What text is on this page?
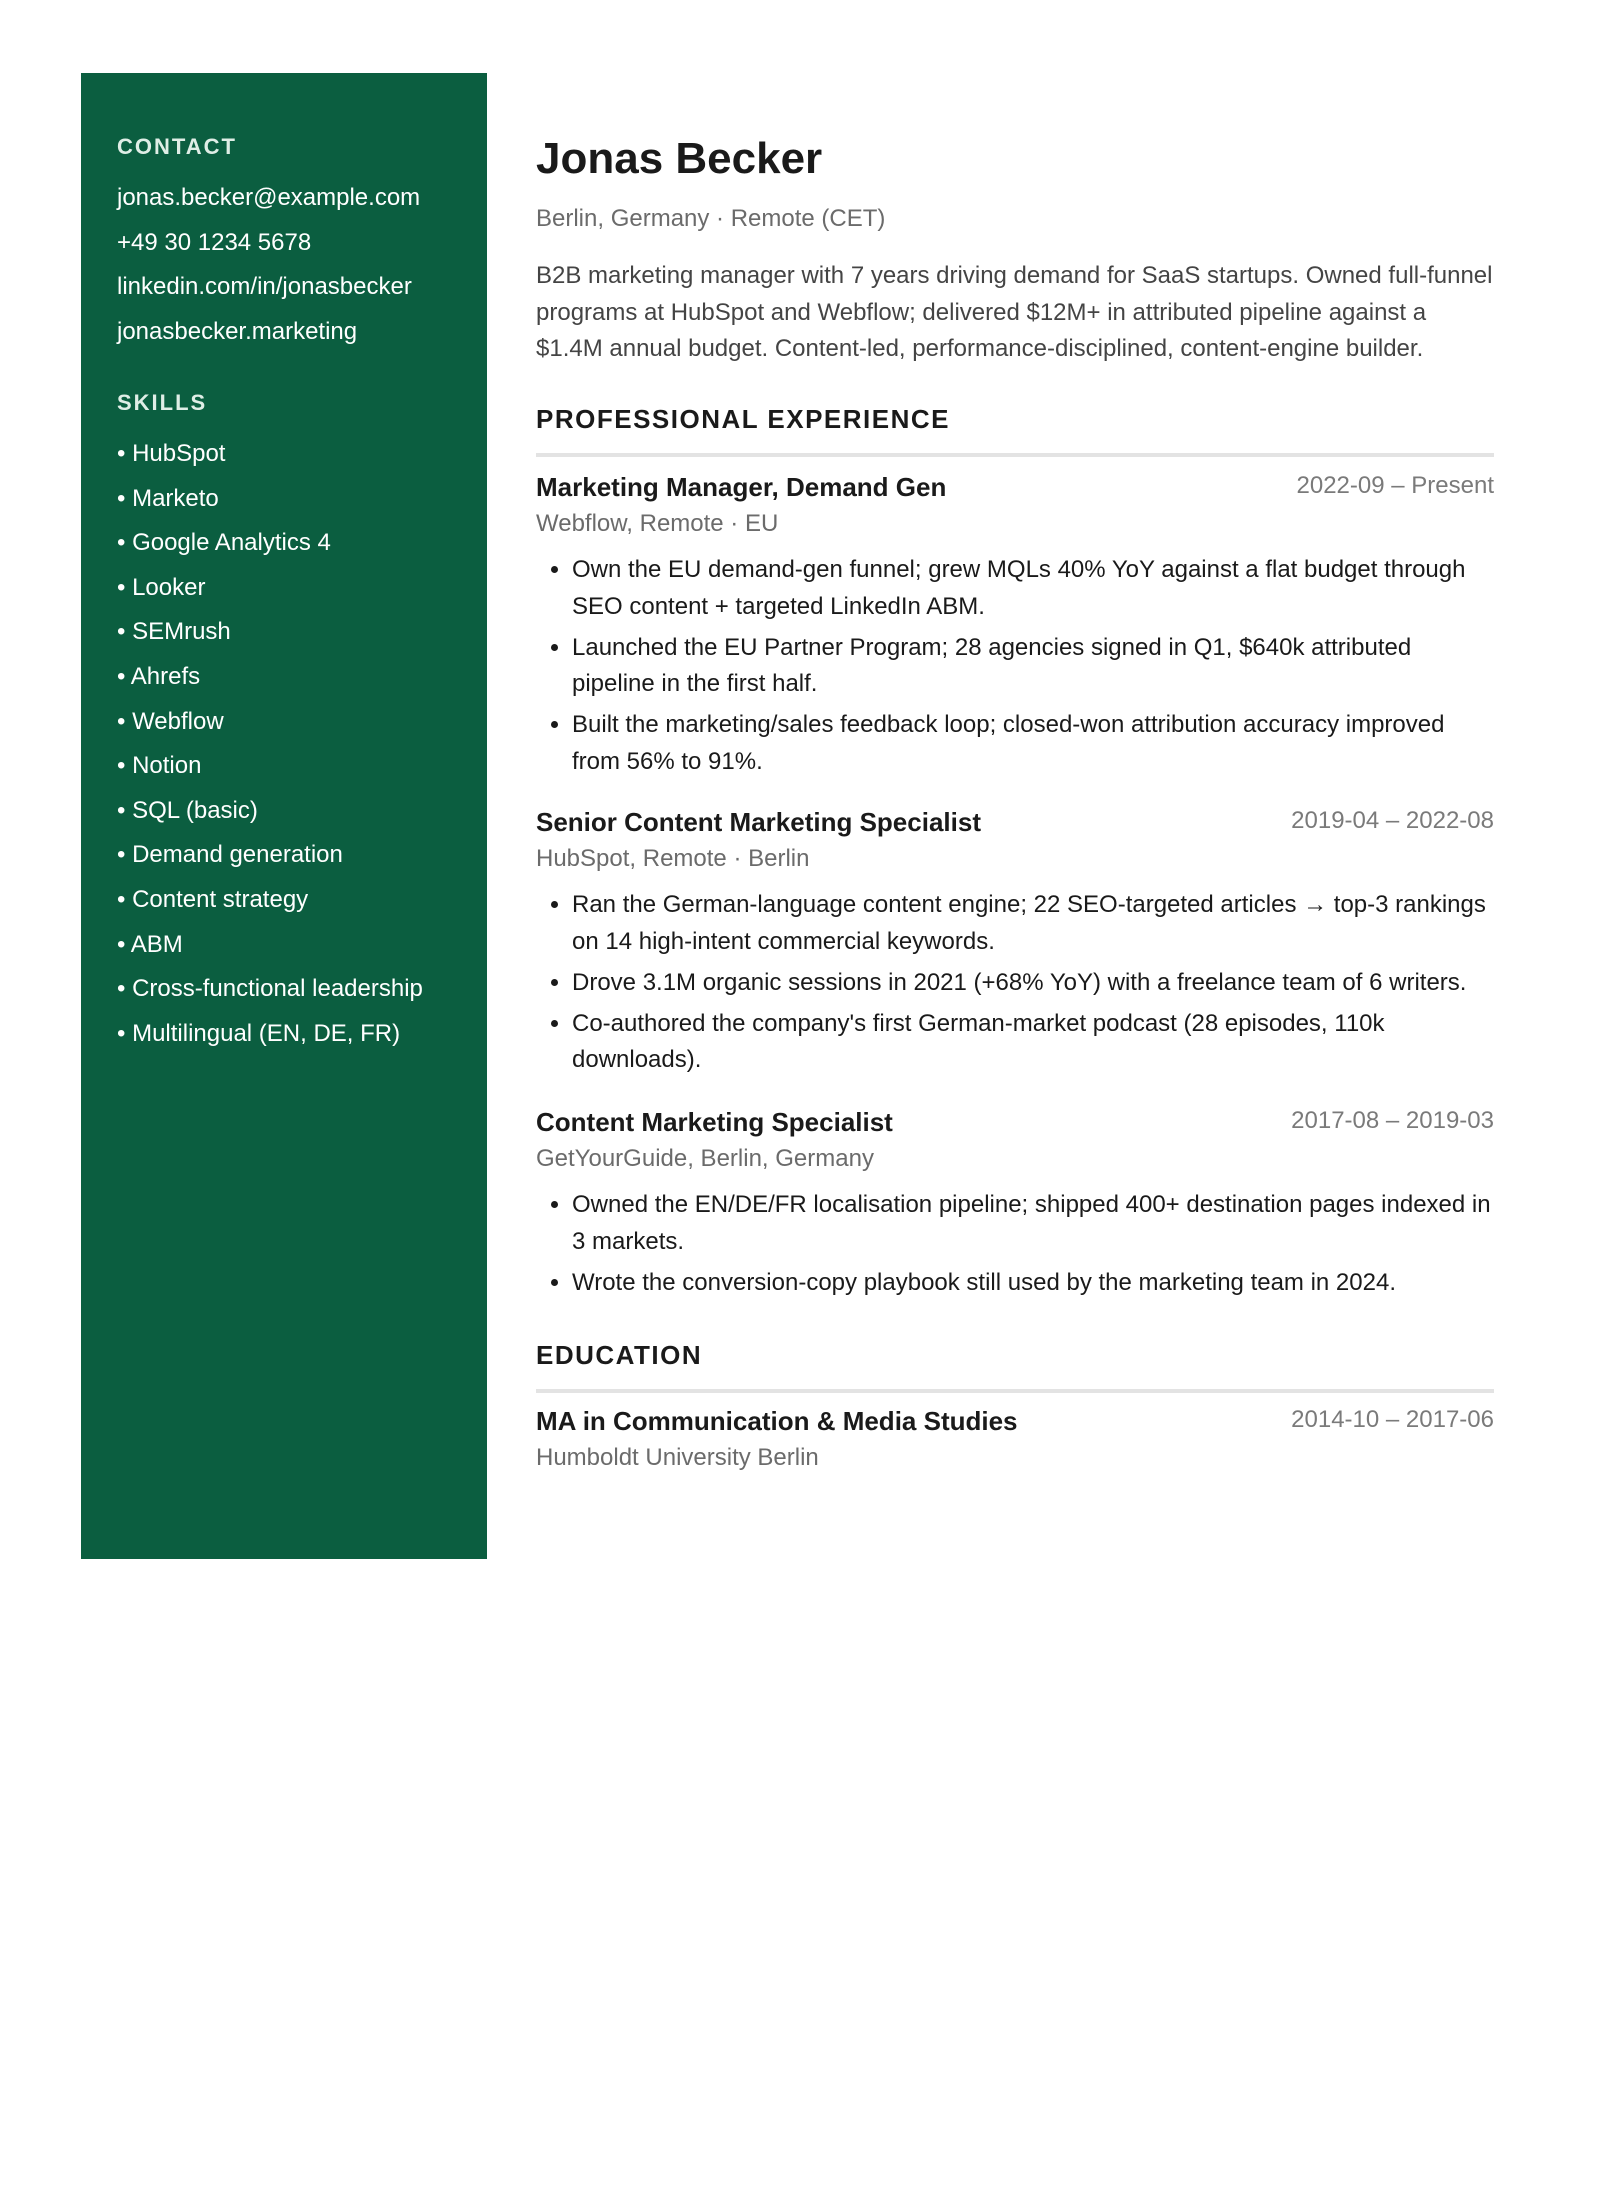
CONTACT
jonas.becker@example.com
+49 30 1234 5678
linkedin.com/in/jonasbecker
jonasbecker.marketing
SKILLS
• HubSpot
• Marketo
• Google Analytics 4
• Looker
• SEMrush
• Ahrefs
• Webflow
• Notion
• SQL (basic)
• Demand generation
• Content strategy
• ABM
• Cross-functional leadership
• Multilingual (EN, DE, FR)
Jonas Becker
Berlin, Germany · Remote (CET)

B2B marketing manager with 7 years driving demand for SaaS startups. Owned full-funnel programs at HubSpot and Webflow; delivered $12M+ in attributed pipeline against a $1.4M annual budget. Content-led, performance-disciplined, content-engine builder.

PROFESSIONAL EXPERIENCE
Marketing Manager, Demand Gen	2022-09 – Present
Webflow, Remote · EU
• Own the EU demand-gen funnel; grew MQLs 40% YoY against a flat budget through SEO content + targeted LinkedIn ABM.
• Launched the EU Partner Program; 28 agencies signed in Q1, $640k attributed pipeline in the first half.
• Built the marketing/sales feedback loop; closed-won attribution accuracy improved from 56% to 91%.
Senior Content Marketing Specialist	2019-04 – 2022-08
HubSpot, Remote · Berlin
• Ran the German-language content engine; 22 SEO-targeted articles → top-3 rankings on 14 high-intent commercial keywords.
• Drove 3.1M organic sessions in 2021 (+68% YoY) with a freelance team of 6 writers.
• Co-authored the company's first German-market podcast (28 episodes, 110k downloads).
Content Marketing Specialist	2017-08 – 2019-03
GetYourGuide, Berlin, Germany
• Owned the EN/DE/FR localisation pipeline; shipped 400+ destination pages indexed in 3 markets.
• Wrote the conversion-copy playbook still used by the marketing team in 2024.
EDUCATION
MA in Communication & Media Studies	2014-10 – 2017-06
Humboldt University Berlin
